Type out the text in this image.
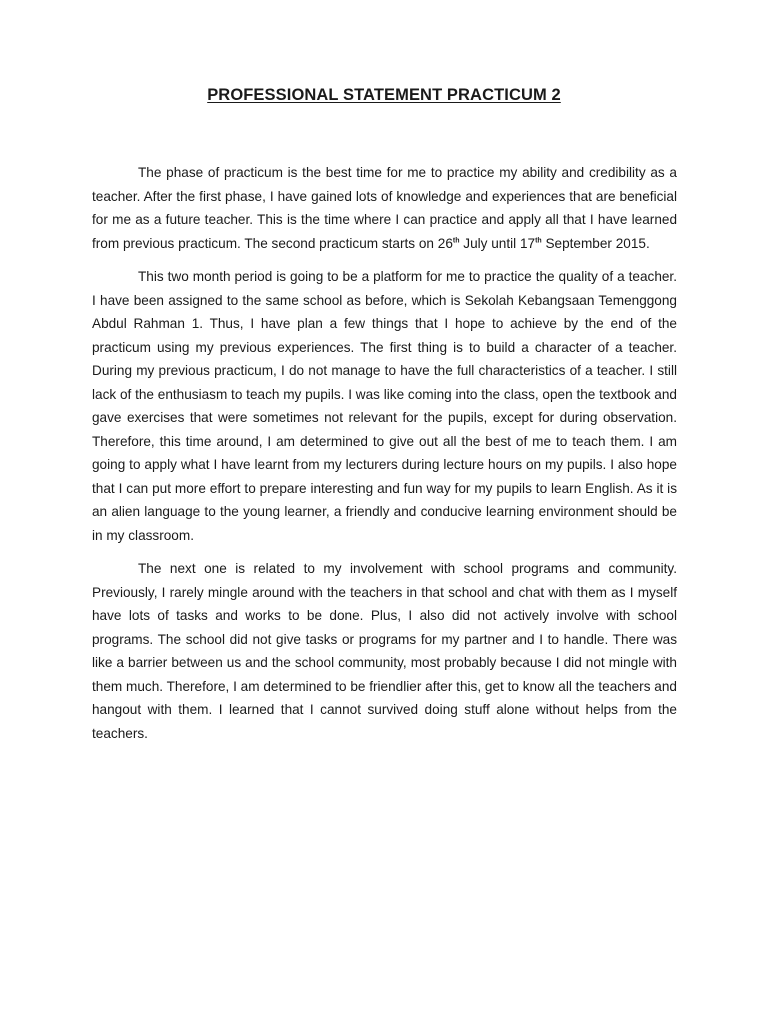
PROFESSIONAL STATEMENT PRACTICUM 2

The phase of practicum is the best time for me to practice my ability and credibility as a teacher. After the first phase, I have gained lots of knowledge and experiences that are beneficial for me as a future teacher. This is the time where I can practice and apply all that I have learned from previous practicum. The second practicum starts on 26th July until 17th September 2015.

This two month period is going to be a platform for me to practice the quality of a teacher. I have been assigned to the same school as before, which is Sekolah Kebangsaan Temenggong Abdul Rahman 1. Thus, I have plan a few things that I hope to achieve by the end of the practicum using my previous experiences. The first thing is to build a character of a teacher. During my previous practicum, I do not manage to have the full characteristics of a teacher. I still lack of the enthusiasm to teach my pupils. I was like coming into the class, open the textbook and gave exercises that were sometimes not relevant for the pupils, except for during observation. Therefore, this time around, I am determined to give out all the best of me to teach them. I am going to apply what I have learnt from my lecturers during lecture hours on my pupils. I also hope that I can put more effort to prepare interesting and fun way for my pupils to learn English. As it is an alien language to the young learner, a friendly and conducive learning environment should be in my classroom.

The next one is related to my involvement with school programs and community. Previously, I rarely mingle around with the teachers in that school and chat with them as I myself have lots of tasks and works to be done. Plus, I also did not actively involve with school programs. The school did not give tasks or programs for my partner and I to handle. There was like a barrier between us and the school community, most probably because I did not mingle with them much. Therefore, I am determined to be friendlier after this, get to know all the teachers and hangout with them. I learned that I cannot survived doing stuff alone without helps from the teachers.
